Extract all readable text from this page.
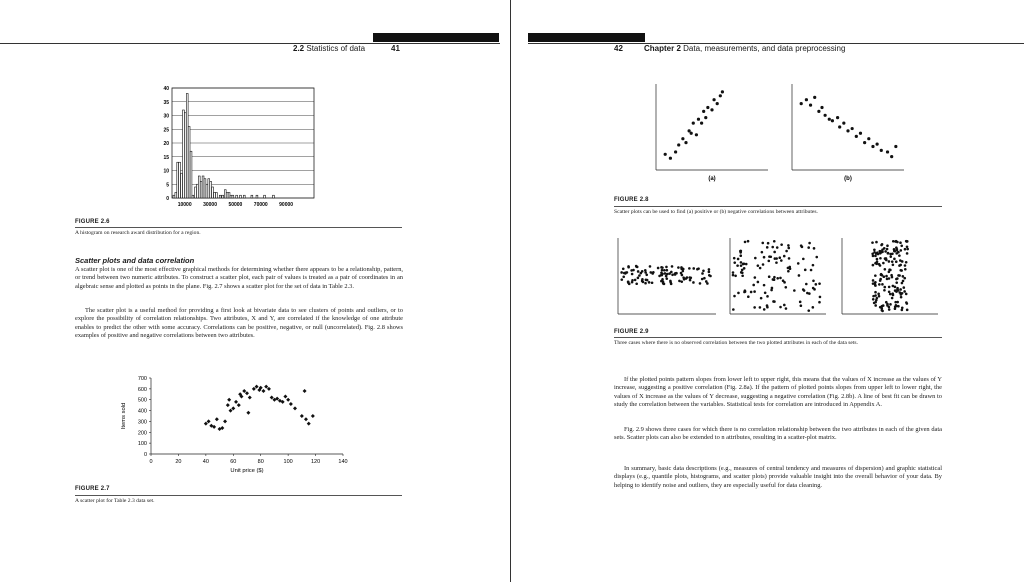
2.2 Statistics of data	41
0
5
10
15
20
25
30
35
40
10000 30000 50000 70000 90000
FIGURE 2.6
A histogram on research award distribution for a region.
Scatter plots and data correlation

A scatter plot is one of the most effective graphical methods for determining whether there appears to be a relationship, pattern, or trend between two numeric attributes. To construct a scatter plot, each pair of values is treated as a pair of coordinates in an algebraic sense and plotted as points in the plane. Fig. 2.7 shows a scatter plot for the set of data in Table 2.3.

The scatter plot is a useful method for providing a first look at bivariate data to see clusters of points and outliers, or to explore the possibility of correlation relationships. Two attributes, X and Y, are correlated if the knowledge of one attribute enables to predict the other with some accuracy. Correlations can be positive, negative, or null (uncorrelated). Fig. 2.8 shows examples of positive and negative correlations between two attributes.

0
100
200
300
400
500
600
700
0	20	40	60	80	100	120	140
Unit price ($)
Items sold
FIGURE 2.7
A scatter plot for Table 2.3 data set.
42	Chapter 2 Data, measurements, and data preprocessing
(a)	(b)
FIGURE 2.8
Scatter plots can be used to find (a) positive or (b) negative correlations between attributes.
FIGURE 2.9
Three cases where there is no observed correlation between the two plotted attributes in each of the data sets.

If the plotted points pattern slopes from lower left to upper right, this means that the values of X increase as the values of Y increase, suggesting a positive correlation (Fig. 2.8a). If the pattern of plotted points slopes from upper left to lower right, the values of X increase as the values of Y decrease, suggesting a negative correlation (Fig. 2.8b). A line of best fit can be drawn to study the correlation between the variables. Statistical tests for correlation are introduced in Appendix A.

Fig. 2.9 shows three cases for which there is no correlation relationship between the two attributes in each of the given data sets. Scatter plots can also be extended to n attributes, resulting in a scatter-plot matrix.

In summary, basic data descriptions (e.g., measures of central tendency and measures of dispersion) and graphic statistical displays (e.g., quantile plots, histograms, and scatter plots) provide valuable insight into the overall behavior of your data. By helping to identify noise and outliers, they are especially useful for data cleaning.
